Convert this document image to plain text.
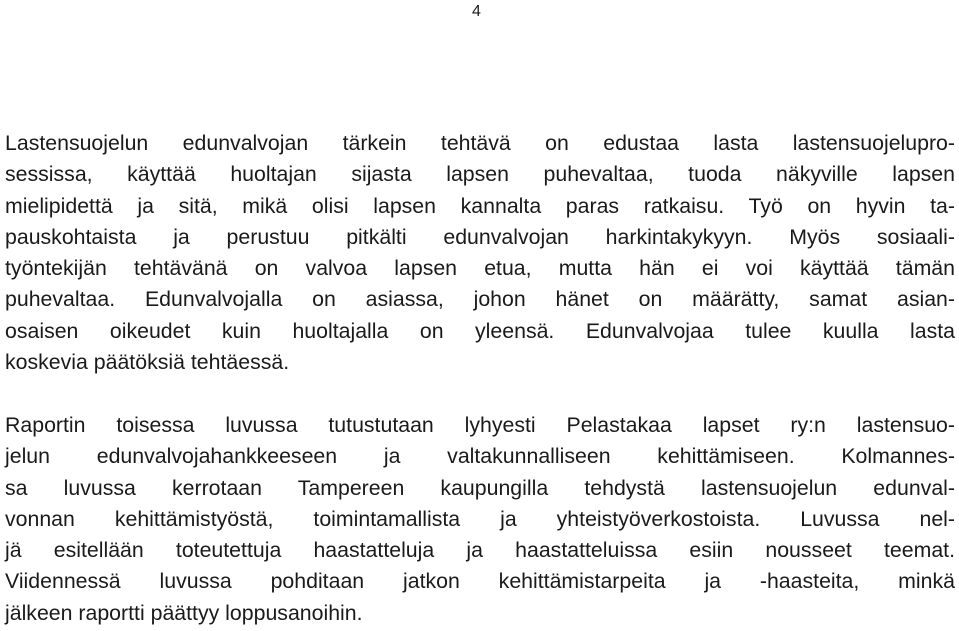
4
Lastensuojelun edunvalvojan tärkein tehtävä on edustaa lasta lastensuojelupro-
sessissa, käyttää huoltajan sijasta lapsen puhevaltaa, tuoda näkyville lapsen
mielipidettä ja sitä, mikä olisi lapsen kannalta paras ratkaisu. Työ on hyvin ta-
pauskohtaista ja perustuu pitkälti edunvalvojan harkintakykyyn. Myös sosiaali-
työntekijän tehtävänä on valvoa lapsen etua, mutta hän ei voi käyttää tämän
puhevaltaa. Edunvalvojalla on asiassa, johon hänet on määrätty, samat asian-
osaisen oikeudet kuin huoltajalla on yleensä. Edunvalvojaa tulee kuulla lasta
koskevia päätöksiä tehtäessä.
Raportin toisessa luvussa tutustutaan lyhyesti Pelastakaa lapset ry:n lastensuo-
jelun edunvalvojahankkeeseen ja valtakunnalliseen kehittämiseen. Kolmannes-
sa luvussa kerrotaan Tampereen kaupungilla tehdystä lastensuojelun edunval-
vonnan kehittämistyöstä, toimintamallista ja yhteistyöverkostoista. Luvussa nel-
jä esitellään toteutettuja haastatteluja ja haastatteluissa esiin nousseet teemat.
Viidennessä luvussa pohditaan jatkon kehittämistarpeita ja -haasteita, minkä
jälkeen raportti päättyy loppusanoihin.
